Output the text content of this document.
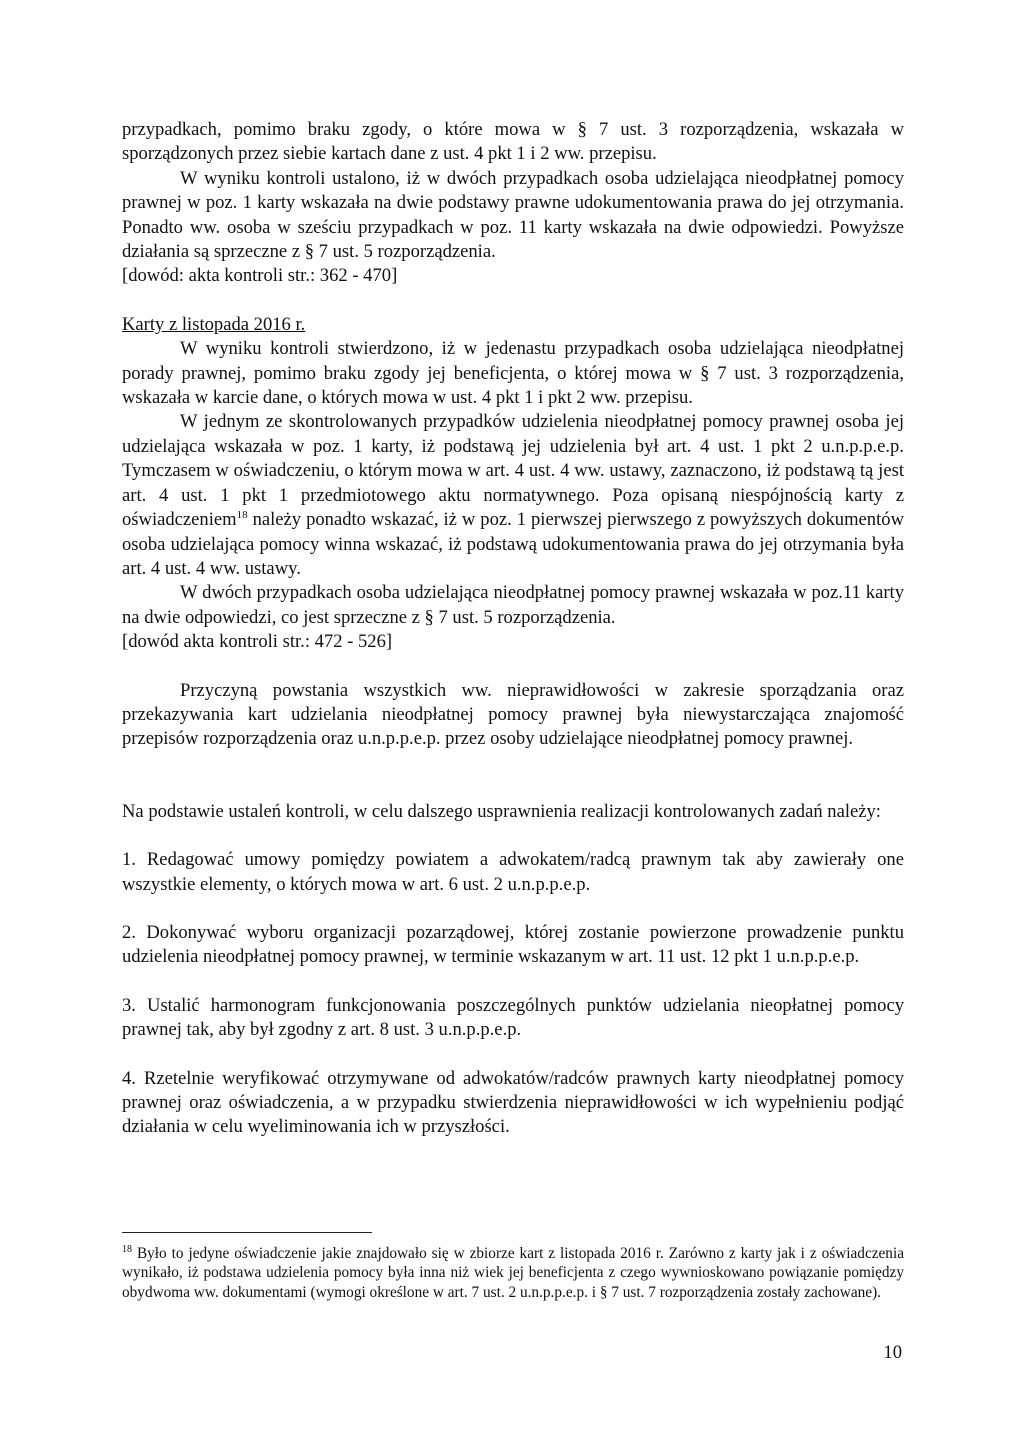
przypadkach, pomimo braku zgody, o które mowa w § 7 ust. 3 rozporządzenia, wskazała w sporządzonych przez siebie kartach dane z ust. 4 pkt 1 i 2 ww. przepisu.

W wyniku kontroli ustalono, iż w dwóch przypadkach osoba udzielająca nieodpłatnej pomocy prawnej w poz. 1 karty wskazała na dwie podstawy prawne udokumentowania prawa do jej otrzymania. Ponadto ww. osoba w sześciu przypadkach w poz. 11 karty wskazała na dwie odpowiedzi. Powyższe działania są sprzeczne z § 7 ust. 5 rozporządzenia.

[dowód: akta kontroli str.: 362 - 470]

Karty z listopada 2016 r.

W wyniku kontroli stwierdzono, iż w jedenastu przypadkach osoba udzielająca nieodpłatnej porady prawnej, pomimo braku zgody jej beneficjenta, o której mowa w § 7 ust. 3 rozporządzenia, wskazała w karcie dane, o których mowa w ust. 4 pkt 1 i pkt 2 ww. przepisu.

W jednym ze skontrolowanych przypadków udzielenia nieodpłatnej pomocy prawnej osoba jej udzielająca wskazała w poz. 1 karty, iż podstawą jej udzielenia był art. 4 ust. 1 pkt 2 u.n.p.p.e.p. Tymczasem w oświadczeniu, o którym mowa w art. 4 ust. 4 ww. ustawy, zaznaczono, iż podstawą tą jest art. 4 ust. 1 pkt 1 przedmiotowego aktu normatywnego. Poza opisaną niespójnością karty z oświadczeniem$^{18}$ należy ponadto wskazać, iż w poz. 1 pierwszej pierwszego z powyższych dokumentów osoba udzielająca pomocy winna wskazać, iż podstawą udokumentowania prawa do jej otrzymania była art. 4 ust. 4 ww. ustawy.

W dwóch przypadkach osoba udzielająca nieodpłatnej pomocy prawnej wskazała w poz.11 karty na dwie odpowiedzi, co jest sprzeczne z § 7 ust. 5 rozporządzenia.

[dowód akta kontroli str.: 472 - 526]

Przyczyną powstania wszystkich ww. nieprawidłowości w zakresie sporządzania oraz przekazywania kart udzielania nieodpłatnej pomocy prawnej była niewystarczająca znajomość przepisów rozporządzenia oraz u.n.p.p.e.p. przez osoby udzielające nieodpłatnej pomocy prawnej.

Na podstawie ustaleń kontroli, w celu dalszego usprawnienia realizacji kontrolowanych zadań należy:

1. Redagować umowy pomiędzy powiatem a adwokatem/radcą prawnym tak aby zawierały one wszystkie elementy, o których mowa w art. 6 ust. 2 u.n.p.p.e.p.

2. Dokonywać wyboru organizacji pozarządowej, której zostanie powierzone prowadzenie punktu udzielenia nieodpłatnej pomocy prawnej, w terminie wskazanym w art. 11 ust. 12 pkt 1 u.n.p.p.e.p.

3. Ustalić harmonogram funkcjonowania poszczególnych punktów udzielania nieopłatnej pomocy prawnej tak, aby był zgodny z art. 8 ust. 3 u.n.p.p.e.p.

4. Rzetelnie weryfikować otrzymywane od adwokatów/radców prawnych karty nieodpłatnej pomocy prawnej oraz oświadczenia, a w przypadku stwierdzenia nieprawidłowości w ich wypełnieniu podjąć działania w celu wyeliminowania ich w przyszłości.

$^{18}$ Było to jedyne oświadczenie jakie znajdowało się w zbiorze kart z listopada 2016 r. Zarówno z karty jak i z oświadczenia wynikało, iż podstawa udzielenia pomocy była inna niż wiek jej beneficjenta z czego wywnioskowano powiązanie pomiędzy obydwoma ww. dokumentami (wymogi określone w art. 7 ust. 2 u.n.p.p.e.p. i § 7 ust. 7 rozporządzenia zostały zachowane).

10
